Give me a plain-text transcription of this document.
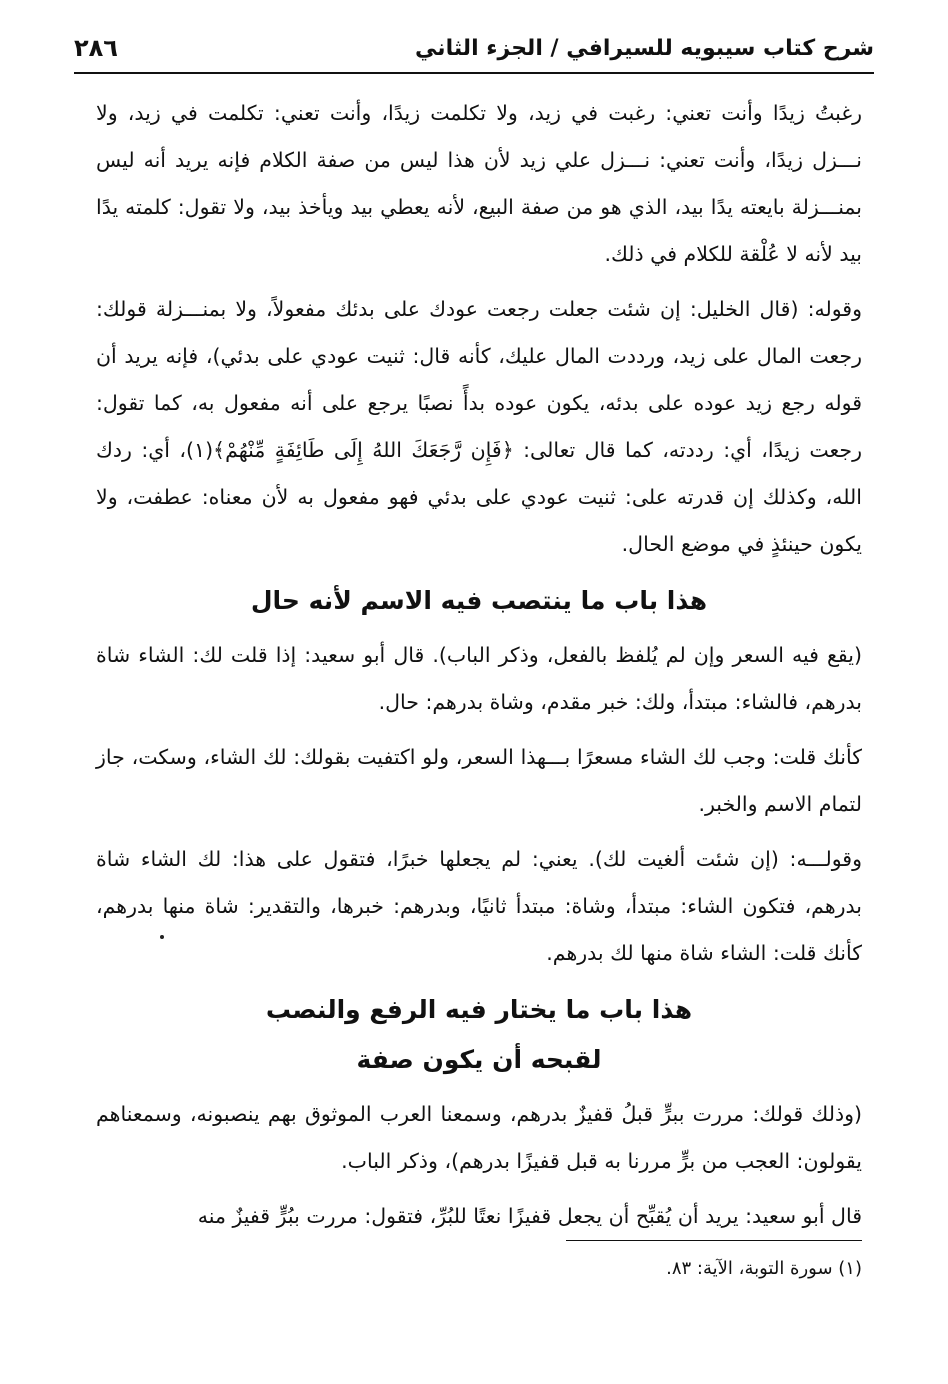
شرح كتاب سيبويه للسيرافي / الجزء الثاني
٢٨٦

رغبتُ زيدًا وأنت تعني: رغبت في زيد، ولا تكلمت زيدًا، وأنت تعني: تكلمت في زيد، ولا نـــزل زيدًا، وأنت تعني: نـــزل علي زيد لأن هذا ليس من صفة الكلام فإنه يريد أنه ليس بمنـــزلة بايعته يدًا بيد، الذي هو من صفة البيع، لأنه يعطي بيد ويأخذ بيد، ولا تقول: كلمته يدًا بيد لأنه لا عُلْقة للكلام في ذلك.

وقوله: (قال الخليل: إن شئت جعلت رجعت عودك على بدئك مفعولاً، ولا بمنـــزلة قولك: رجعت المال على زيد، ورددت المال عليك، كأنه قال: ثنيت عودي على بدئي)، فإنه يريد أن قوله رجع زيد عوده على بدئه، يكون عوده بدأً نصبًا يرجع على أنه مفعول به، كما تقول: رجعت زيدًا، أي: رددته، كما قال تعالى: ﴿فَإِن رَّجَعَكَ اللهُ إِلَى طَائِفَةٍ مِّنْهُمْ﴾(١)، أي: ردك الله، وكذلك إن قدرته على: ثنيت عودي على بدئي فهو مفعول به لأن معناه: عطفت، ولا يكون حينئذٍ في موضع الحال.

هذا باب ما ينتصب فيه الاسم لأنه حال

(يقع فيه السعر وإن لم يُلفظ بالفعل، وذكر الباب). قال أبو سعيد: إذا قلت لك: الشاء شاة بدرهم، فالشاء: مبتدأ، ولك: خبر مقدم، وشاة بدرهم: حال.

كأنك قلت: وجب لك الشاء مسعرًا بـــهذا السعر، ولو اكتفيت بقولك: لك الشاء، وسكت، جاز لتمام الاسم والخبر.

وقولـــه: (إن شئت ألغيت لك). يعني: لم يجعلها خبرًا، فتقول على هذا: لك الشاء شاة بدرهم، فتكون الشاء: مبتدأ، وشاة: مبتدأ ثانيًا، وبدرهم: خبرها، والتقدير: شاة منها بدرهم، كأنك قلت: الشاء شاة منها لك بدرهم.

هذا باب ما يختار فيه الرفع والنصب
لقبحه أن يكون صفة

(وذلك قولك: مررت ببرٍّ قبلُ قفيزٌ بدرهم، وسمعنا العرب الموثوق بهم ينصبونه، وسمعناهم يقولون: العجب من برٍّ مررنا به قبل قفيزًا بدرهم)، وذكر الباب.

قال أبو سعيد: يريد أن يُقبِّح أن يجعل قفيزًا نعتًا للبُرِّ، فتقول: مررت ببُرٍّ قفيزٌ منه

(١) سورة التوبة، الآية: ٨٣.
